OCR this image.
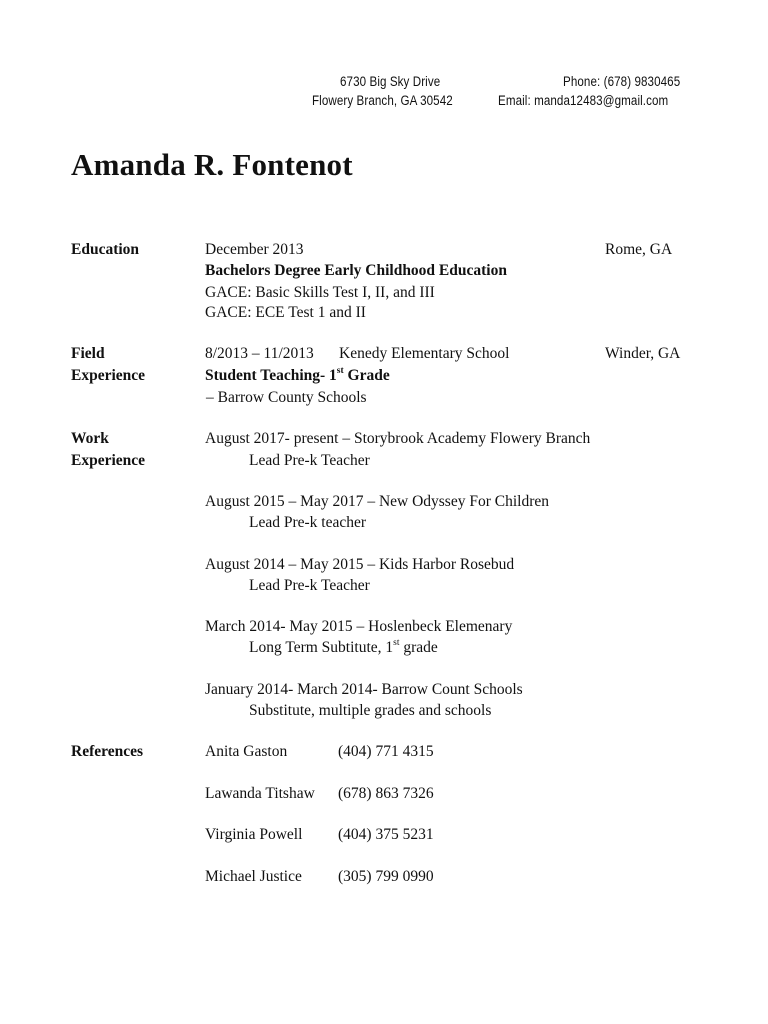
6730 Big Sky Drive	Phone: (678) 9830465
Flowery Branch, GA 30542	Email: manda12483@gmail.com
Amanda R. Fontenot
Education	December 2013	Rome, GA
Bachelors Degree Early Childhood Education
GACE: Basic Skills Test I, II, and III
GACE: ECE Test 1 and II
Field
Experience
8/2013 – 11/2013 Kenedy Elementary School	Winder, GA
Student Teaching- 1st Grade
– Barrow County Schools
Work
Experience
August 2017- present – Storybrook Academy Flowery Branch
Lead Pre-k Teacher
August 2015 – May 2017 – New Odyssey For Children
Lead Pre-k teacher
August 2014 – May 2015 – Kids Harbor Rosebud
Lead Pre-k Teacher
March 2014- May 2015 – Hoslenbeck Elemenary
Long Term Subtitute, 1st grade
January 2014- March 2014- Barrow Count Schools
Substitute, multiple grades and schools
References	Anita Gaston	(404) 771 4315
Lawanda Titshaw (678) 863 7326
Virginia Powell (404) 375 5231
Michael Justice (305) 799 0990
